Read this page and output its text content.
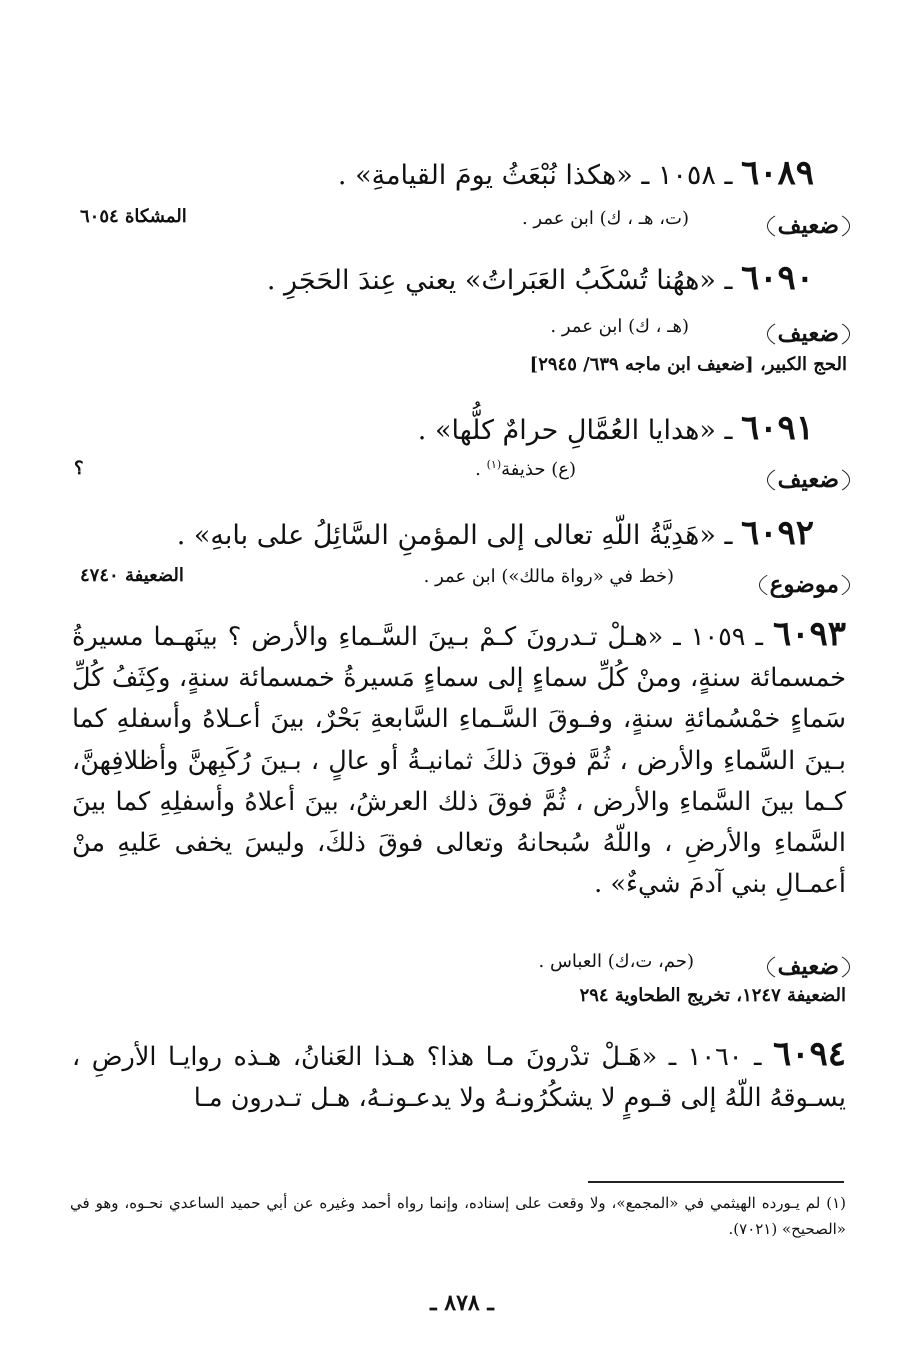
٦٠٨٩ ـ ١٠٥٨ ـ «هكذا نُبْعَثُ يومَ القيامةِ» .
ضعيف
(ت، هـ ، ك) ابن عمر .
المشكاة ٦٠٥٤
٦٠٩٠ ـ «ههُنا تُسْكَبُ العَبَراتُ» يعني عِندَ الحَجَرِ .
ضعيف
(هـ ، ك) ابن عمر .
الحج الكبير، [ضعيف ابن ماجه ٦٣٩/ ٢٩٤٥]
٦٠٩١ ـ «هدايا العُمَّالِ حرامٌ كلُّها» .
ضعيف
(ع) حذيفة$^{(١)}$ .
؟
٦٠٩٢ ـ «هَدِيَّةُ اللّهِ تعالى إلى المؤمنِ السَّائِلُ على بابهِ» .
موضوع
(خط في «رواة مالك») ابن عمر .
الضعيفة ٤٧٤٠
٦٠٩٣ ـ ١٠٥٩ ـ «هـلْ تـدرونَ كـمْ بـينَ السَّـماءِ والأرض ؟ بينَهـما مسيرةُ خمسمائة سنةٍ، ومنْ كُلِّ سماءٍ إلى سماءٍ مَسيرةُ خمسمائة سنةٍ، وكِثَفُ كُلِّ سَماءٍ خمْسُمائةِ سنةٍ، وفـوقَ السَّـماءِ السَّابعةِ بَحْرٌ، بينَ أعـلاهُ وأسفلهِ كما بـينَ السَّماءِ والأرض ، ثُمَّ فوقَ ذلكَ ثمانيـةُ أو عالٍ ، بـينَ رُكَبِهنَّ وأظلافِهنَّ، كـما بينَ السَّماءِ والأرض ، ثُمَّ فوقَ ذلك العرشُ، بينَ أعلاهُ وأسفلِهِ كما بينَ السَّماءِ والأرضِ ، واللّهُ سُبحانهُ وتعالى فوقَ ذلكَ، وليسَ يخفى عَليهِ منْ أعمـالِ بني آدمَ شيءٌ» .
ضعيف
(حم، ت،ك) العباس .
الضعيفة ١٢٤٧، تخريج الطحاوية ٢٩٤
٦٠٩٤ ـ ١٠٦٠ ـ «هَـلْ تدْرونَ مـا هذا؟ هـذا العَنانُ، هـذه روايـا الأرضِ ، يسـوقهُ اللّهُ إلى قـومٍ لا يشكُرُونـهُ ولا يدعـونـهُ، هـل تـدرون مـا
(١) لم يـورده الهيثمي في «المجمع»، ولا وقعت على إسناده، وإنما رواه أحمد وغيره عن أبي حميد الساعدي نحـوه، وهو في «الصحيح» (٧٠٢١).
ـ ٨٧٨ ـ
